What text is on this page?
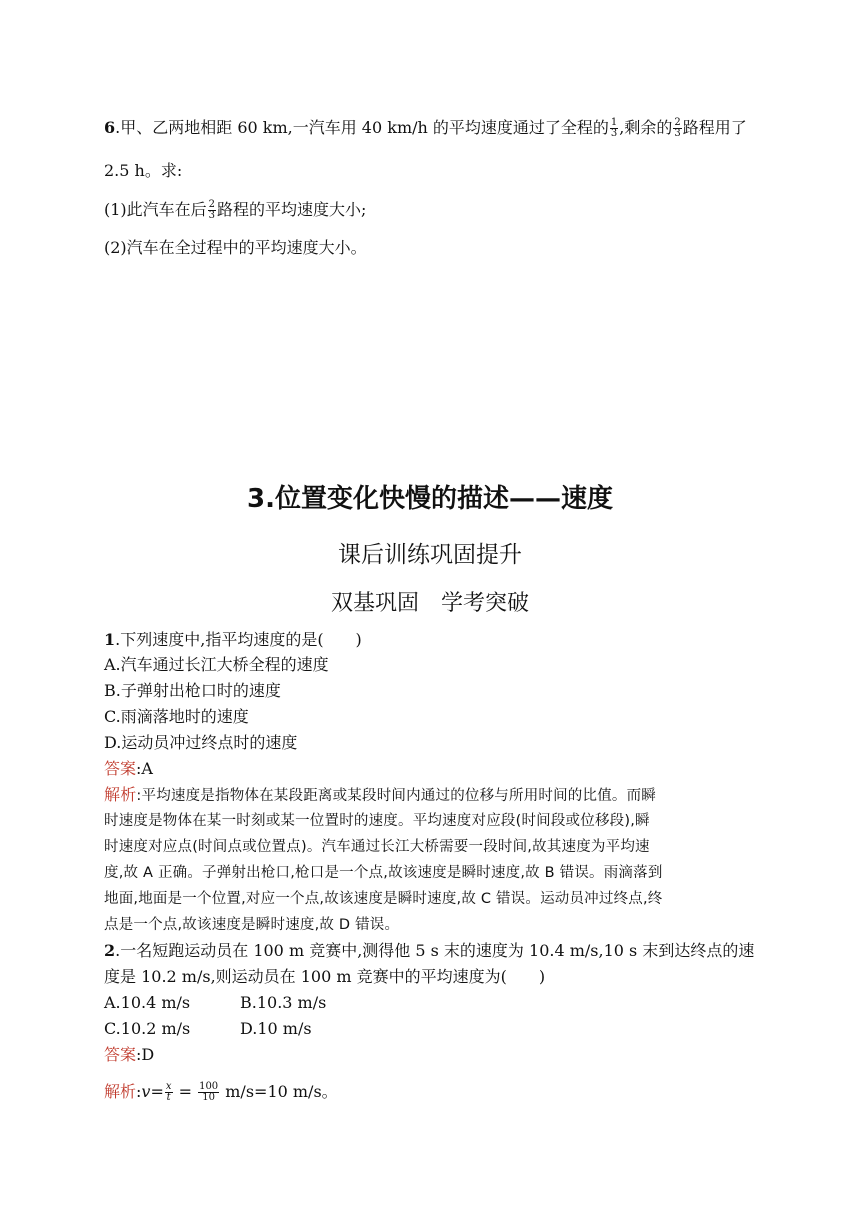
6.甲、乙两地相距 60 km,一汽车用 40 km/h 的平均速度通过了全程的 $\frac{1}{3}$ ,剩余的 $\frac{2}{3}$ 路程用了
2.5 h。求:
(1)此汽车在后 $\frac{2}{3}$ 路程的平均速度大小;
(2)汽车在全过程中的平均速度大小。
3.位置变化快慢的描述——速度
课后训练巩固提升
双基巩固　学考突破
1.下列速度中,指平均速度的是(　　)
A.汽车通过长江大桥全程的速度
B.子弹射出枪口时的速度
C.雨滴落地时的速度
D.运动员冲过终点时的速度
答案:A
解析:平均速度是指物体在某段距离或某段时间内通过的位移与所用时间的比值。而瞬
时速度是物体在某一时刻或某一位置时的速度。平均速度对应段(时间段或位移段),瞬
时速度对应点(时间点或位置点)。汽车通过长江大桥需要一段时间,故其速度为平均速
度,故 A 正确。子弹射出枪口,枪口是一个点,故该速度是瞬时速度,故 B 错误。雨滴落到
地面,地面是一个位置,对应一个点,故该速度是瞬时速度,故 C 错误。运动员冲过终点,终
点是一个点,故该速度是瞬时速度,故 D 错误。
2.一名短跑运动员在 100 m 竞赛中,测得他 5 s 末的速度为 10.4 m/s,10 s 末到达终点的速
度是 10.2 m/s,则运动员在 100 m 竞赛中的平均速度为(　　)
A.10.4 m/s	B.10.3 m/s
C.10.2 m/s	D.10 m/s
答案:D
解析:v= $\frac{x}{t} = \frac{100}{10} m/s=10$ m/s。
